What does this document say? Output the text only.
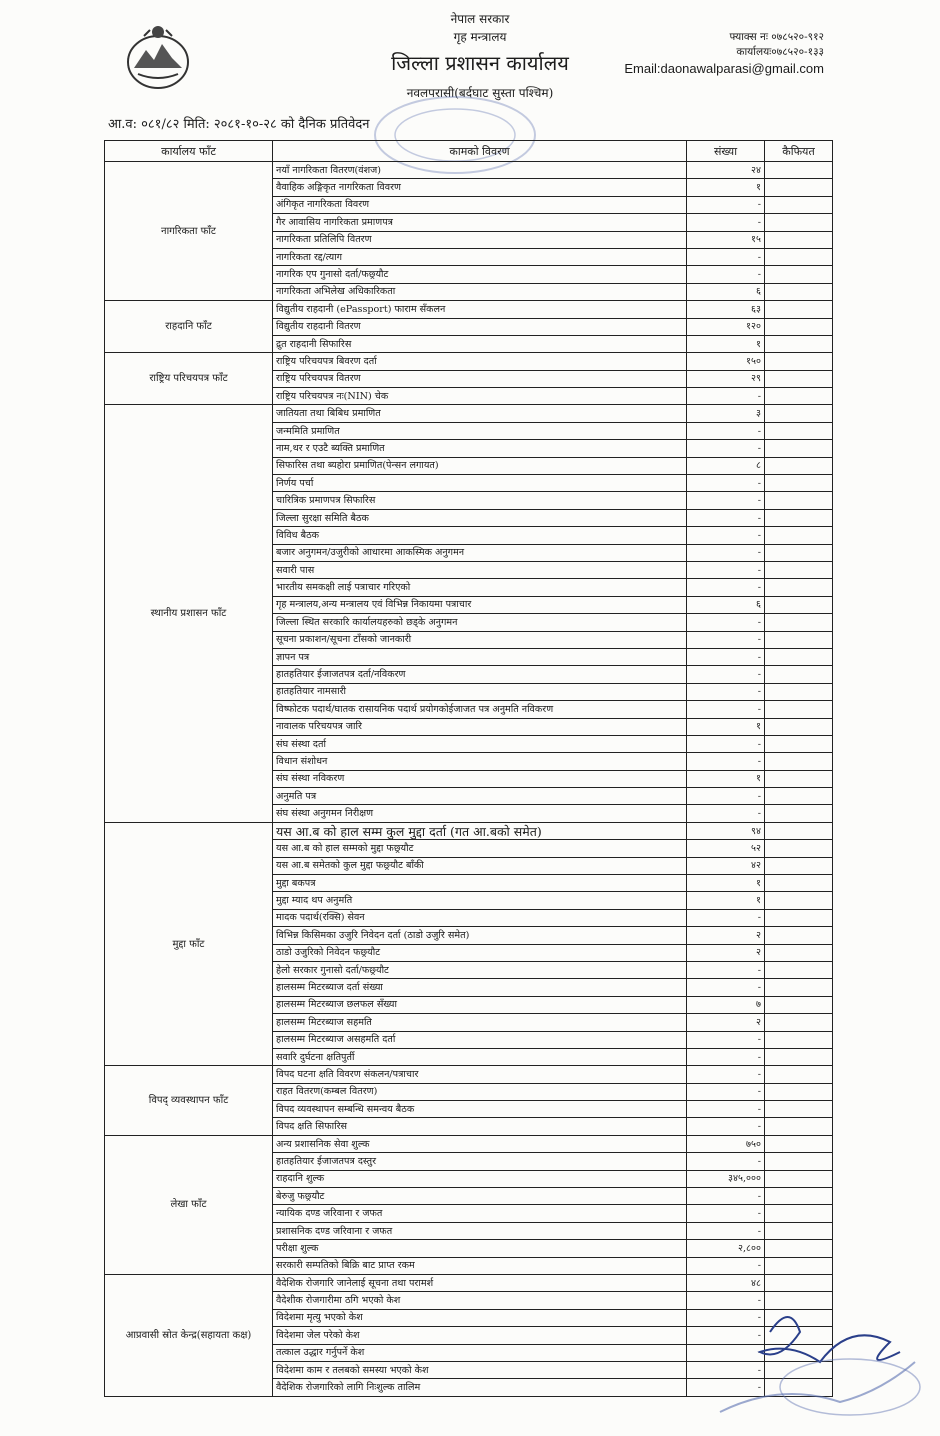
नेपाल सरकार
गृह मन्त्रालय
जिल्ला प्रशासन कार्यालय
नवलपरासी(बर्दघाट सुस्ता पश्चिम)
फ्याक्स नः ०७८५२०-९१२
कार्यालयः०७८५२०-१३३
Email:daonawalparasi@gmail.com
आ.व: ०८१/८२ मिति: २०८१-१०-२८ को दैनिक प्रतिवेदन
कार्यालय फाँट	कामको विवरण	संख्या	कैफियत
नागरिकता फाँट	नयाँ नागरिकता वितरण(वंशज)	२४	
	वैवाहिक अङ्गिकृत नागरिकता विवरण	१	
	अंगिकृत नागरिकता विवरण	-	
	गैर आवासिय नागरिकता प्रमाणपत्र	-	
	नागरिकता प्रतिलिपि वितरण	१५	
	नागरिकता रद्द/त्याग	-	
	नागरिक एप गुनासो दर्ता/फछ्र्यौट	-	
	नागरिकता अभिलेख अधिकारिकता	६	
राहदानि फाँट	विद्युतीय राहदानी (ePassport) फाराम सँकलन	६३	
	विद्युतीय राहदानी वितरण	१२०	
	द्रुत राहदानी सिफारिस	१	
राष्ट्रिय परिचयपत्र फाँट	राष्ट्रिय परिचयपत्र बिवरण दर्ता	१५०	
	राष्ट्रिय परिचयपत्र वितरण	२९	
	राष्ट्रिय परिचयपत्र नः(NIN) चेक	-	
स्थानीय प्रशासन फाँट	जातियता तथा बिबिध प्रमाणित	३	
	जन्ममिति प्रमाणित	-	
	नाम,थर र एउटै ब्यक्ति प्रमाणित	-	
	सिफारिस तथा ब्यहोरा प्रमाणित(पेन्सन लगायत)	८	
	निर्णय पर्चा	-	
	चारित्रिक प्रमाणपत्र सिफारिस	-	
	जिल्ला सुरक्षा समिति बैठक	-	
	विविध बैठक	-	
	बजार अनुगमन/उजुरीको आधारमा आकस्मिक अनुगमन	-	
	सवारी पास	-	
	भारतीय समकक्षी लाई पत्राचार गरिएको	-	
	गृह मन्त्रालय,अन्य मन्त्रालय एवं विभिन्न निकायमा पत्राचार	६	
	जिल्ला स्थित सरकारि कार्यालयहरुको छड्के अनुगमन	-	
	सूचना प्रकाशन/सूचना टाँसको जानकारी	-	
	ज्ञापन पत्र	-	
	हातहतियार ईजाजतपत्र दर्ता/नविकरण	-	
	हातहतियार नामसारी	-	
	विष्फोटक पदार्थ/घातक रासायनिक पदार्थ प्रयोगकोईजाजत पत्र अनुमति नविकरण	-	
	नावालक परिचयपत्र जारि	१	
	संघ संस्था दर्ता	-	
	विधान संशोधन	-	
	संघ संस्था नविकरण	१	
	अनुमति पत्र	-	
	संघ संस्था अनुगमन निरीक्षण	-	
मुद्दा फाँट	यस आ.ब को हाल सम्म कुल मुद्दा दर्ता (गत आ.बको समेत)	९४	
	यस आ.ब को हाल सम्मको मुद्दा फछ्र्यौट	५२	
	यस आ.ब समेतको कुल मुद्दा फछ्र्यौट बाँकी	४२	
	मुद्दा बकपत्र	१	
	मुद्दा म्याद थप अनुमति	१	
	मादक पदार्थ(रक्सि) सेवन	-	
	विभिन्न किसिमका उजुरि निवेदन दर्ता (ठाडो उजुरि समेत)	२	
	ठाडो उजुरिको निवेदन फछ्र्यौट	२	
	हेलो सरकार गुनासो दर्ता/फछ्र्यौट	-	
	हालसम्म मिटरब्याज दर्ता संख्या	-	
	हालसम्म मिटरब्याज छलफल सँख्या	७	
	हालसम्म मिटरब्याज सहमति	२	
	हालसम्म मिटरब्याज असहमति दर्ता	-	
	सवारि दुर्घटना क्षतिपुर्ती	-	
विपद् व्यवस्थापन फाँट	विपद घटना क्षति विवरण संकलन/पत्राचार	-	
	राहत वितरण(कम्बल वितरण)	-	
	विपद व्यवस्थापन सम्बन्धि समन्वय बैठक	-	
	विपद क्षति सिफारिस	-	
लेखा फाँट	अन्य प्रशासनिक सेवा शुल्क	७५०	
	हातहतियार ईजाजतपत्र दस्तुर	-	
	राहदानि शुल्क	३४५,०००	
	बेरुजु फछ्र्यौट	-	
	न्यायिक दण्ड जरिवाना र जफत	-	
	प्रशासनिक दण्ड जरिवाना र जफत	-	
	परीक्षा शुल्क	२,८००	
	सरकारी सम्पतिको बिक्रि बाट प्राप्त रकम	-	
आप्रवासी स्रोत केन्द्र(सहायता कक्ष)	वैदेशिक रोजगारि जानेलाई सूचना तथा परामर्श	४८	
	वैदेशीक रोजगारीमा ठगि भएको केश	-	
	विदेशमा मृत्यु भएको केश	-	
	विदेशमा जेल परेको केश	-	
	तत्काल उद्धार गर्नुपर्ने केश	-	
	विदेशमा काम र तलबको समस्या भएको केश	-	
	वैदेशिक रोजगारिको लागि निःशुल्क तालिम	-	
